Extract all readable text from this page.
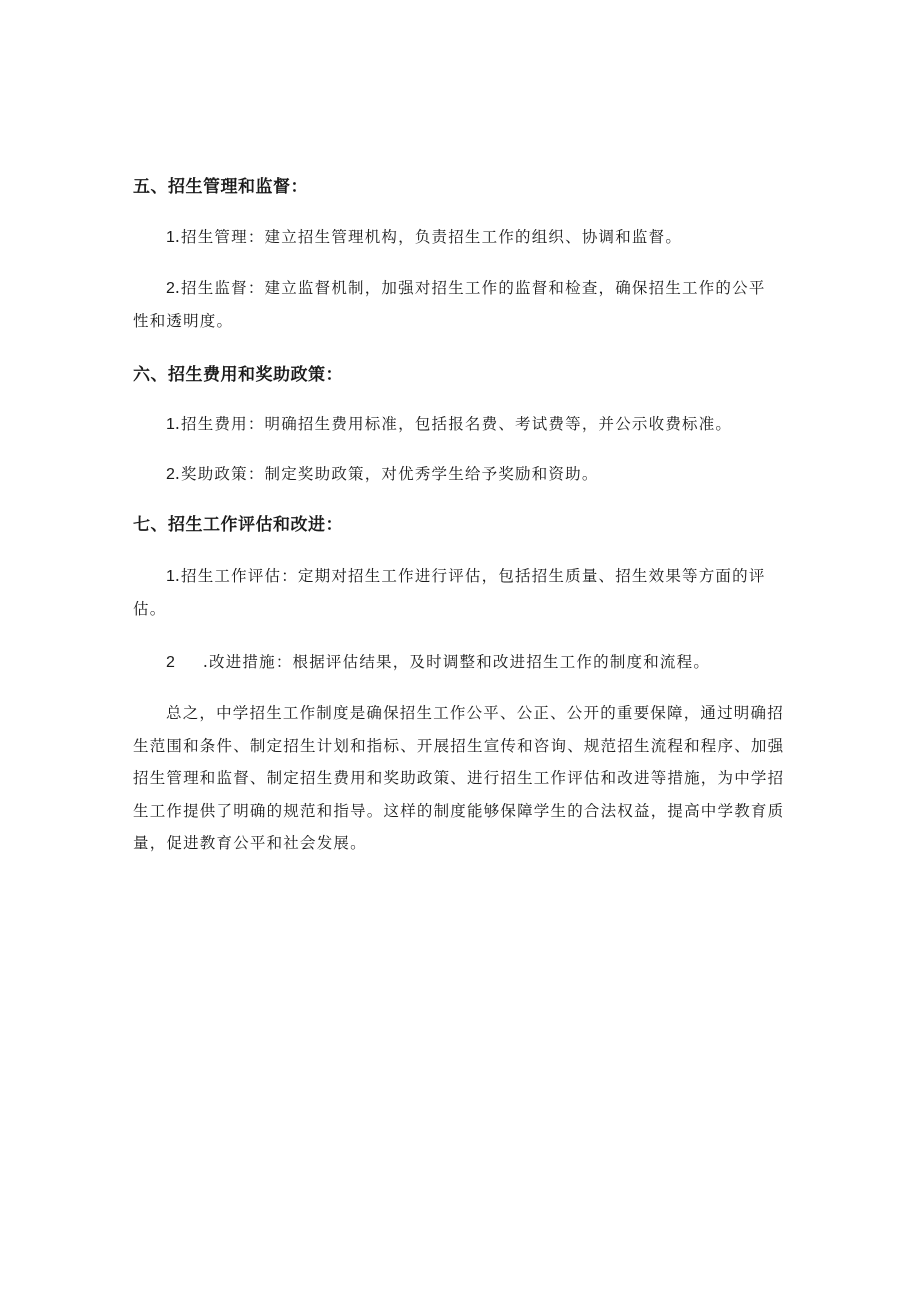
五、招生管理和监督：
1.招生管理：建立招生管理机构，负责招生工作的组织、协调和监督。
2.招生监督：建立监督机制，加强对招生工作的监督和检查，确保招生工作的公平
性和透明度。
六、招生费用和奖助政策：
1.招生费用：明确招生费用标准，包括报名费、考试费等，并公示收费标准。
2.奖助政策：制定奖助政策，对优秀学生给予奖励和资助。
七、招生工作评估和改进：
1.招生工作评估：定期对招生工作进行评估，包括招生质量、招生效果等方面的评
估。
2 .改进措施：根据评估结果，及时调整和改进招生工作的制度和流程。
总之，中学招生工作制度是确保招生工作公平、公正、公开的重要保障，通过明确招
生范围和条件、制定招生计划和指标、开展招生宣传和咨询、规范招生流程和程序、加强
招生管理和监督、制定招生费用和奖助政策、进行招生工作评估和改进等措施，为中学招
生工作提供了明确的规范和指导。这样的制度能够保障学生的合法权益，提高中学教育质
量，促进教育公平和社会发展。
